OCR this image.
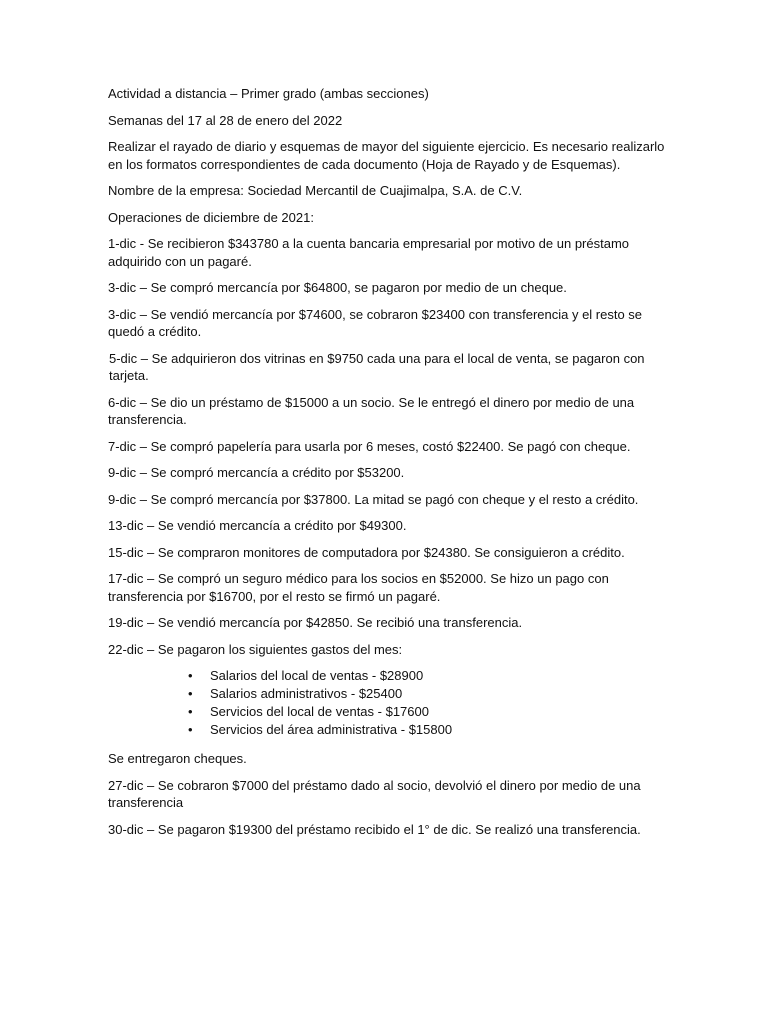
Actividad a distancia – Primer grado (ambas secciones)

Semanas del 17 al 28 de enero del 2022

Realizar el rayado de diario y esquemas de mayor del siguiente ejercicio. Es necesario realizarlo en los formatos correspondientes de cada documento (Hoja de Rayado y de Esquemas).

Nombre de la empresa: Sociedad Mercantil de Cuajimalpa, S.A. de C.V.

Operaciones de diciembre de 2021:

1-dic - Se recibieron $343780 a la cuenta bancaria empresarial por motivo de un préstamo adquirido con un pagaré.

3-dic – Se compró mercancía por $64800, se pagaron por medio de un cheque.

3-dic – Se vendió mercancía por $74600, se cobraron $23400 con transferencia y el resto se quedó a crédito.

5-dic – Se adquirieron dos vitrinas en $9750 cada una para el local de venta, se pagaron con tarjeta.

6-dic – Se dio un préstamo de $15000 a un socio. Se le entregó el dinero por medio de una transferencia.

7-dic – Se compró papelería para usarla por 6 meses, costó $22400. Se pagó con cheque.

9-dic – Se compró mercancía a crédito por $53200.

9-dic – Se compró mercancía por $37800. La mitad se pagó con cheque y el resto a crédito.

13-dic – Se vendió mercancía a crédito por $49300.

15-dic – Se compraron monitores de computadora por $24380. Se consiguieron a crédito.

17-dic – Se compró un seguro médico para los socios en $52000. Se hizo un pago con transferencia por $16700, por el resto se firmó un pagaré.

19-dic – Se vendió mercancía por $42850. Se recibió una transferencia.

22-dic – Se pagaron los siguientes gastos del mes:

• Salarios del local de ventas - $28900
• Salarios administrativos - $25400
• Servicios del local de ventas - $17600
• Servicios del área administrativa - $15800

Se entregaron cheques.

27-dic – Se cobraron $7000 del préstamo dado al socio, devolvió el dinero por medio de una transferencia

30-dic – Se pagaron $19300 del préstamo recibido el 1° de dic. Se realizó una transferencia.
